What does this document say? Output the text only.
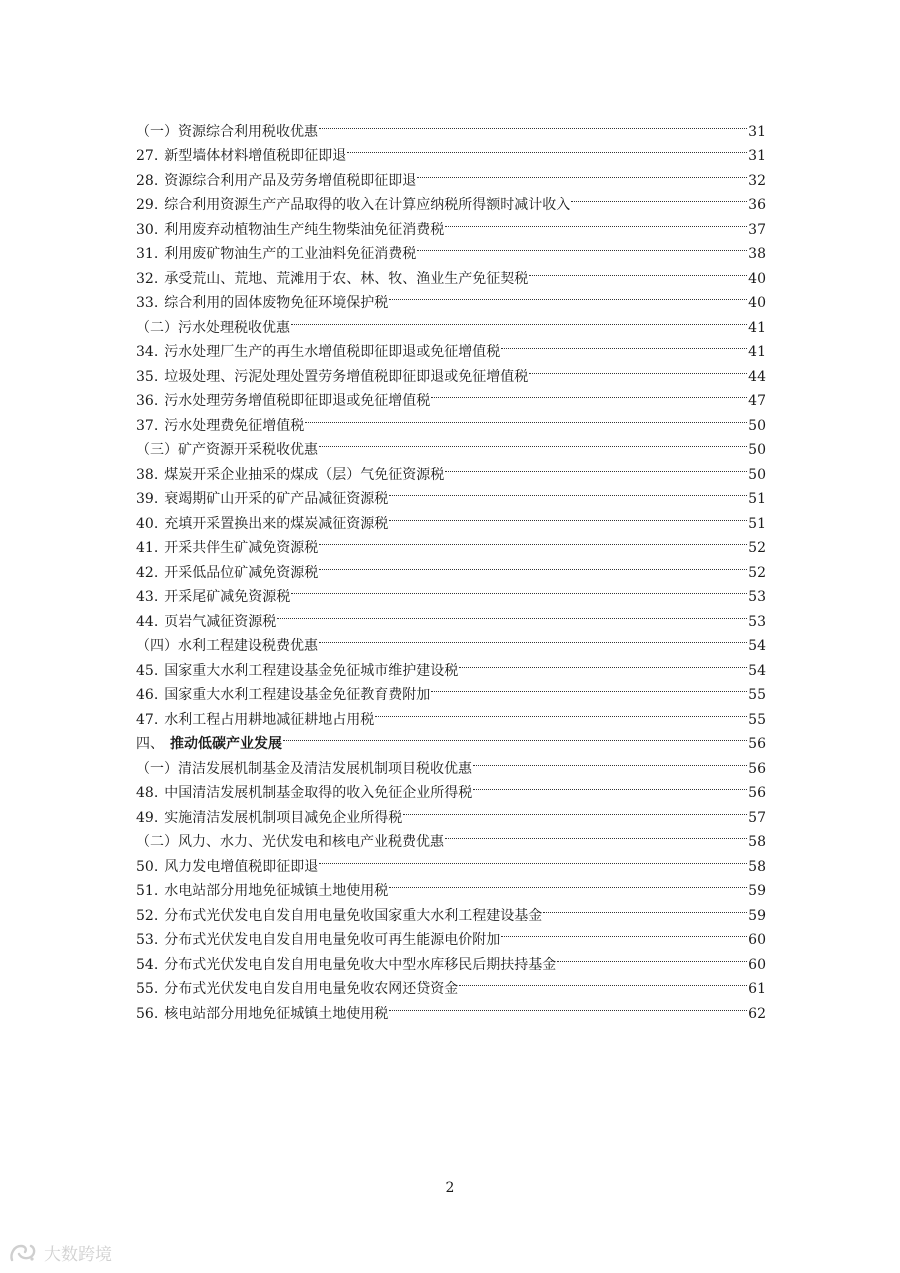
（一）资源综合利用税收优惠	31
27. 新型墙体材料增值税即征即退	31
28. 资源综合利用产品及劳务增值税即征即退	32
29. 综合利用资源生产产品取得的收入在计算应纳税所得额时减计收入	36
30. 利用废弃动植物油生产纯生物柴油免征消费税	37
31. 利用废矿物油生产的工业油料免征消费税	38
32. 承受荒山、荒地、荒滩用于农、林、牧、渔业生产免征契税	40
33. 综合利用的固体废物免征环境保护税	40
（二）污水处理税收优惠	41
34. 污水处理厂生产的再生水增值税即征即退或免征增值税	41
35. 垃圾处理、污泥处理处置劳务增值税即征即退或免征增值税	44
36. 污水处理劳务增值税即征即退或免征增值税	47
37. 污水处理费免征增值税	50
（三）矿产资源开采税收优惠	50
38. 煤炭开采企业抽采的煤成（层）气免征资源税	50
39. 衰竭期矿山开采的矿产品减征资源税	51
40. 充填开采置换出来的煤炭减征资源税	51
41. 开采共伴生矿减免资源税	52
42. 开采低品位矿减免资源税	52
43. 开采尾矿减免资源税	53
44. 页岩气减征资源税	53
（四）水利工程建设税费优惠	54
45. 国家重大水利工程建设基金免征城市维护建设税	54
46. 国家重大水利工程建设基金免征教育费附加	55
47. 水利工程占用耕地减征耕地占用税	55
四、 推动低碳产业发展	56
（一）清洁发展机制基金及清洁发展机制项目税收优惠	56
48. 中国清洁发展机制基金取得的收入免征企业所得税	56
49. 实施清洁发展机制项目减免企业所得税	57
（二）风力、水力、光伏发电和核电产业税费优惠	58
50. 风力发电增值税即征即退	58
51. 水电站部分用地免征城镇土地使用税	59
52. 分布式光伏发电自发自用电量免收国家重大水利工程建设基金	59
53. 分布式光伏发电自发自用电量免收可再生能源电价附加	60
54. 分布式光伏发电自发自用电量免收大中型水库移民后期扶持基金	60
55. 分布式光伏发电自发自用电量免收农网还贷资金	61
56. 核电站部分用地免征城镇土地使用税	62
2
大数跨境
